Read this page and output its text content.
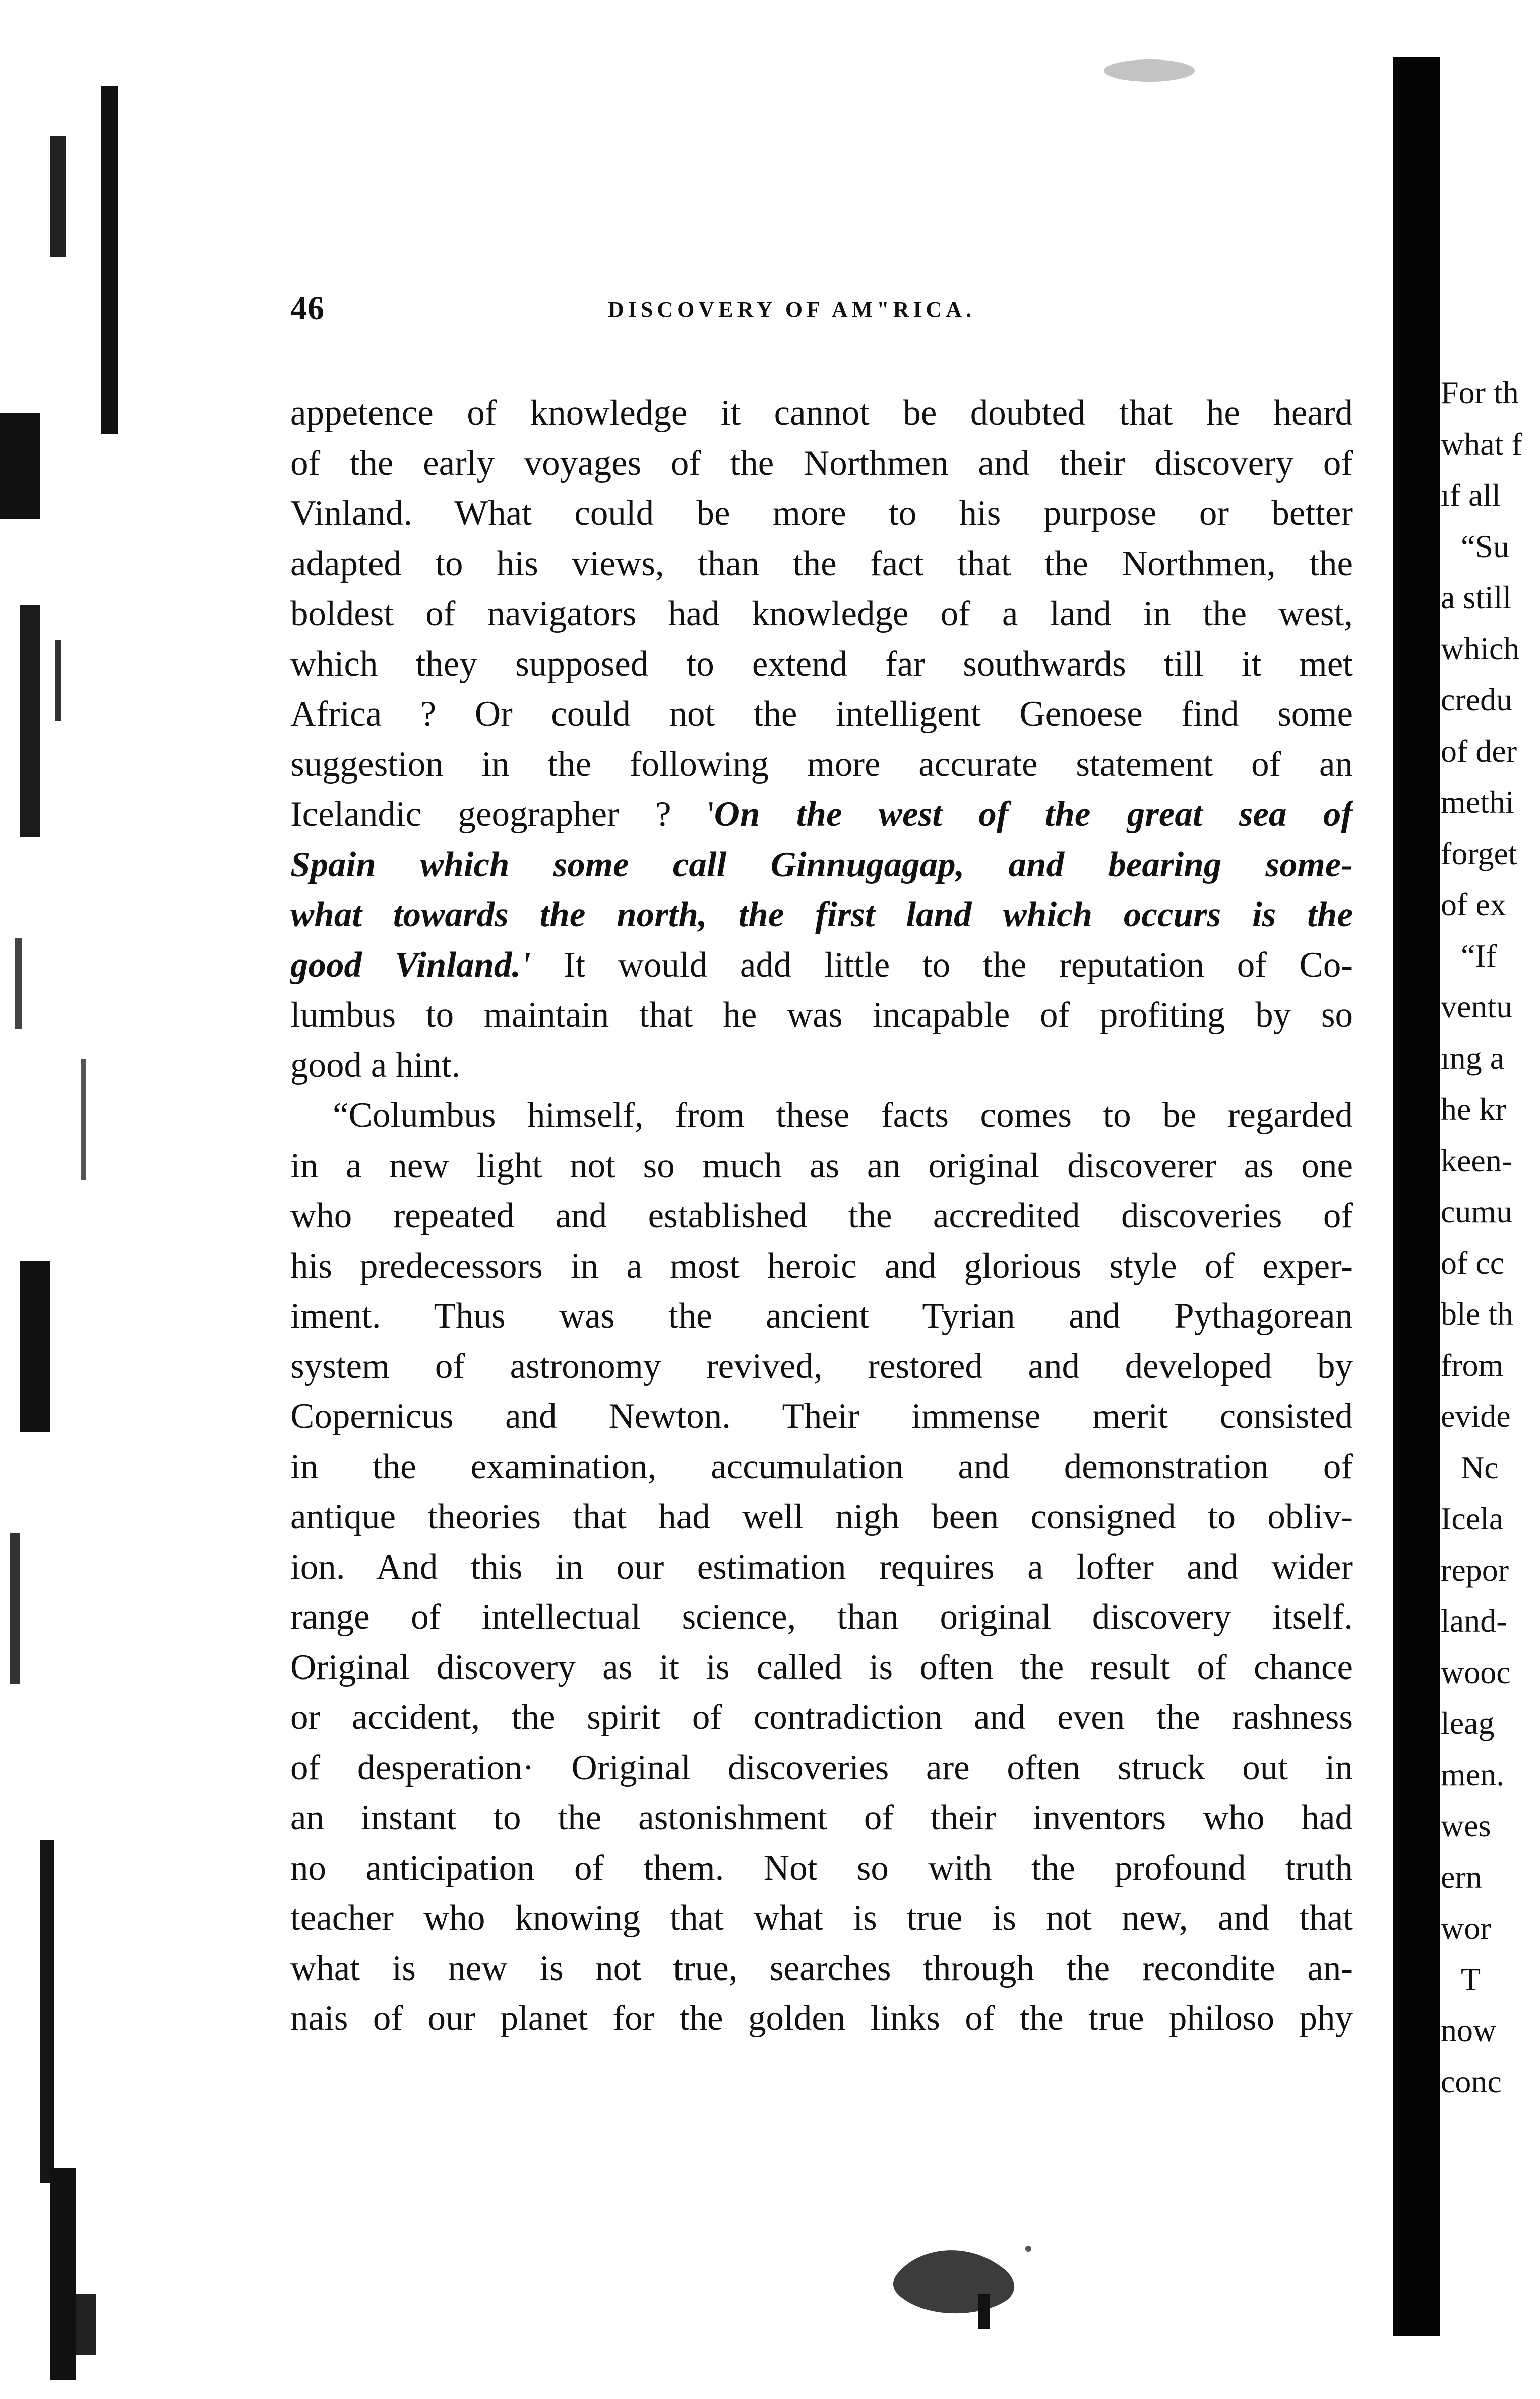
46	DISCOVERY OF AM"RICA.
appetence of knowledge it cannot be doubted that he heard
of the early voyages of the Northmen and their discovery of
Vinland. What could be more to his purpose or better
adapted to his views, than the fact that the Northmen, the
boldest of navigators had knowledge of a land in the west,
which they supposed to extend far southwards till it met
Africa ? Or could not the intelligent Genoese find some
suggestion in the following more accurate statement of an
Icelandic geographer ? 'On the west of the great sea of
Spain which some call Ginnugagap, and bearing some-
what towards the north, the first land which occurs is the
good Vinland.' It would add little to the reputation of Co-
lumbus to maintain that he was incapable of profiting by so
good a hint.
“Columbus himself, from these facts comes to be regarded
in a new light not so much as an original discoverer as one
who repeated and established the accredited discoveries of
his predecessors in a most heroic and glorious style of exper-
iment. Thus was the ancient Tyrian and Pythagorean
system of astronomy revived, restored and developed by
Copernicus and Newton. Their immense merit consisted
in the examination, accumulation and demonstration of
antique theories that had well nigh been consigned to obliv-
ion. And this in our estimation requires a lofter and wider
range of intellectual science, than original discovery itself.
Original discovery as it is called is often the result of chance
or accident, the spirit of contradiction and even the rashness
of desperation· Original discoveries are often struck out in
an instant to the astonishment of their inventors who had
no anticipation of them. Not so with the profound truth
teacher who knowing that what is true is not new, and that
what is new is not true, searches through the recondite an-
nais of our planet for the golden links of the true philoso phy
For th
what f
ıf all
“Su
a still
which
credu
of der
methi
forget
of ex
“If
ventu
ıng a
he kr
keen-
cumu
of cc
ble th
from
evide
Nc
Icela
repor
land-
wooc
leag
men.
wes
ern
wor
T
now
conc
